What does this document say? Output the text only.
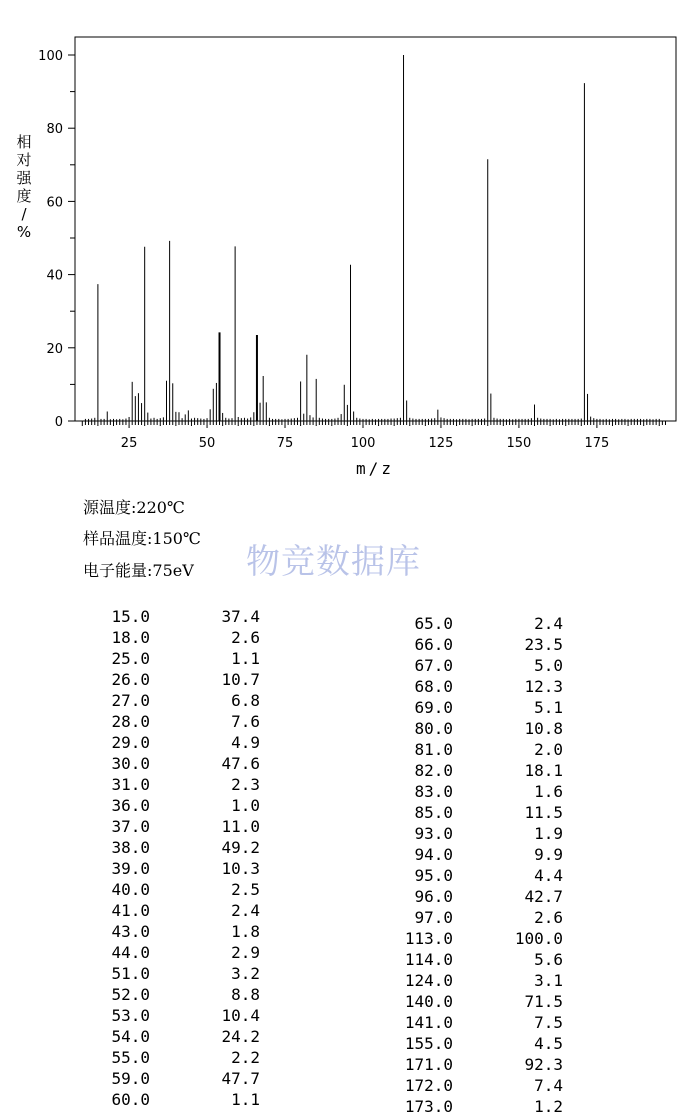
25	50	75	100	125	150	175
0
20
40
60
80
100
m/z
相对强度/ %
源温度:220℃
样品温度:150℃
电子能量:75eV 物竞数据库
15.0	37.4
18.0	2.6
25.0	1.1
26.0	10.7
27.0	6.8
28.0	7.6
29.0	4.9
30.0	47.6
31.0	2.3
36.0	1.0
37.0	11.0
38.0	49.2
39.0	10.3
40.0	2.5
41.0	2.4
43.0	1.8
44.0	2.9
51.0	3.2
52.0	8.8
53.0	10.4
54.0	24.2
55.0	2.2
59.0	47.7
60.0	1.1
65.0	2.4
66.0	23.5
67.0	5.0
68.0	12.3
69.0	5.1
80.0	10.8
81.0	2.0
82.0	18.1
83.0	1.6
85.0	11.5
93.0	1.9
94.0	9.9
95.0	4.4
96.0	42.7
97.0	2.6
113.0	100.0
114.0	5.6
124.0	3.1
140.0	71.5
141.0	7.5
155.0	4.5
171.0	92.3
172.0	7.4
173.0	1.2
